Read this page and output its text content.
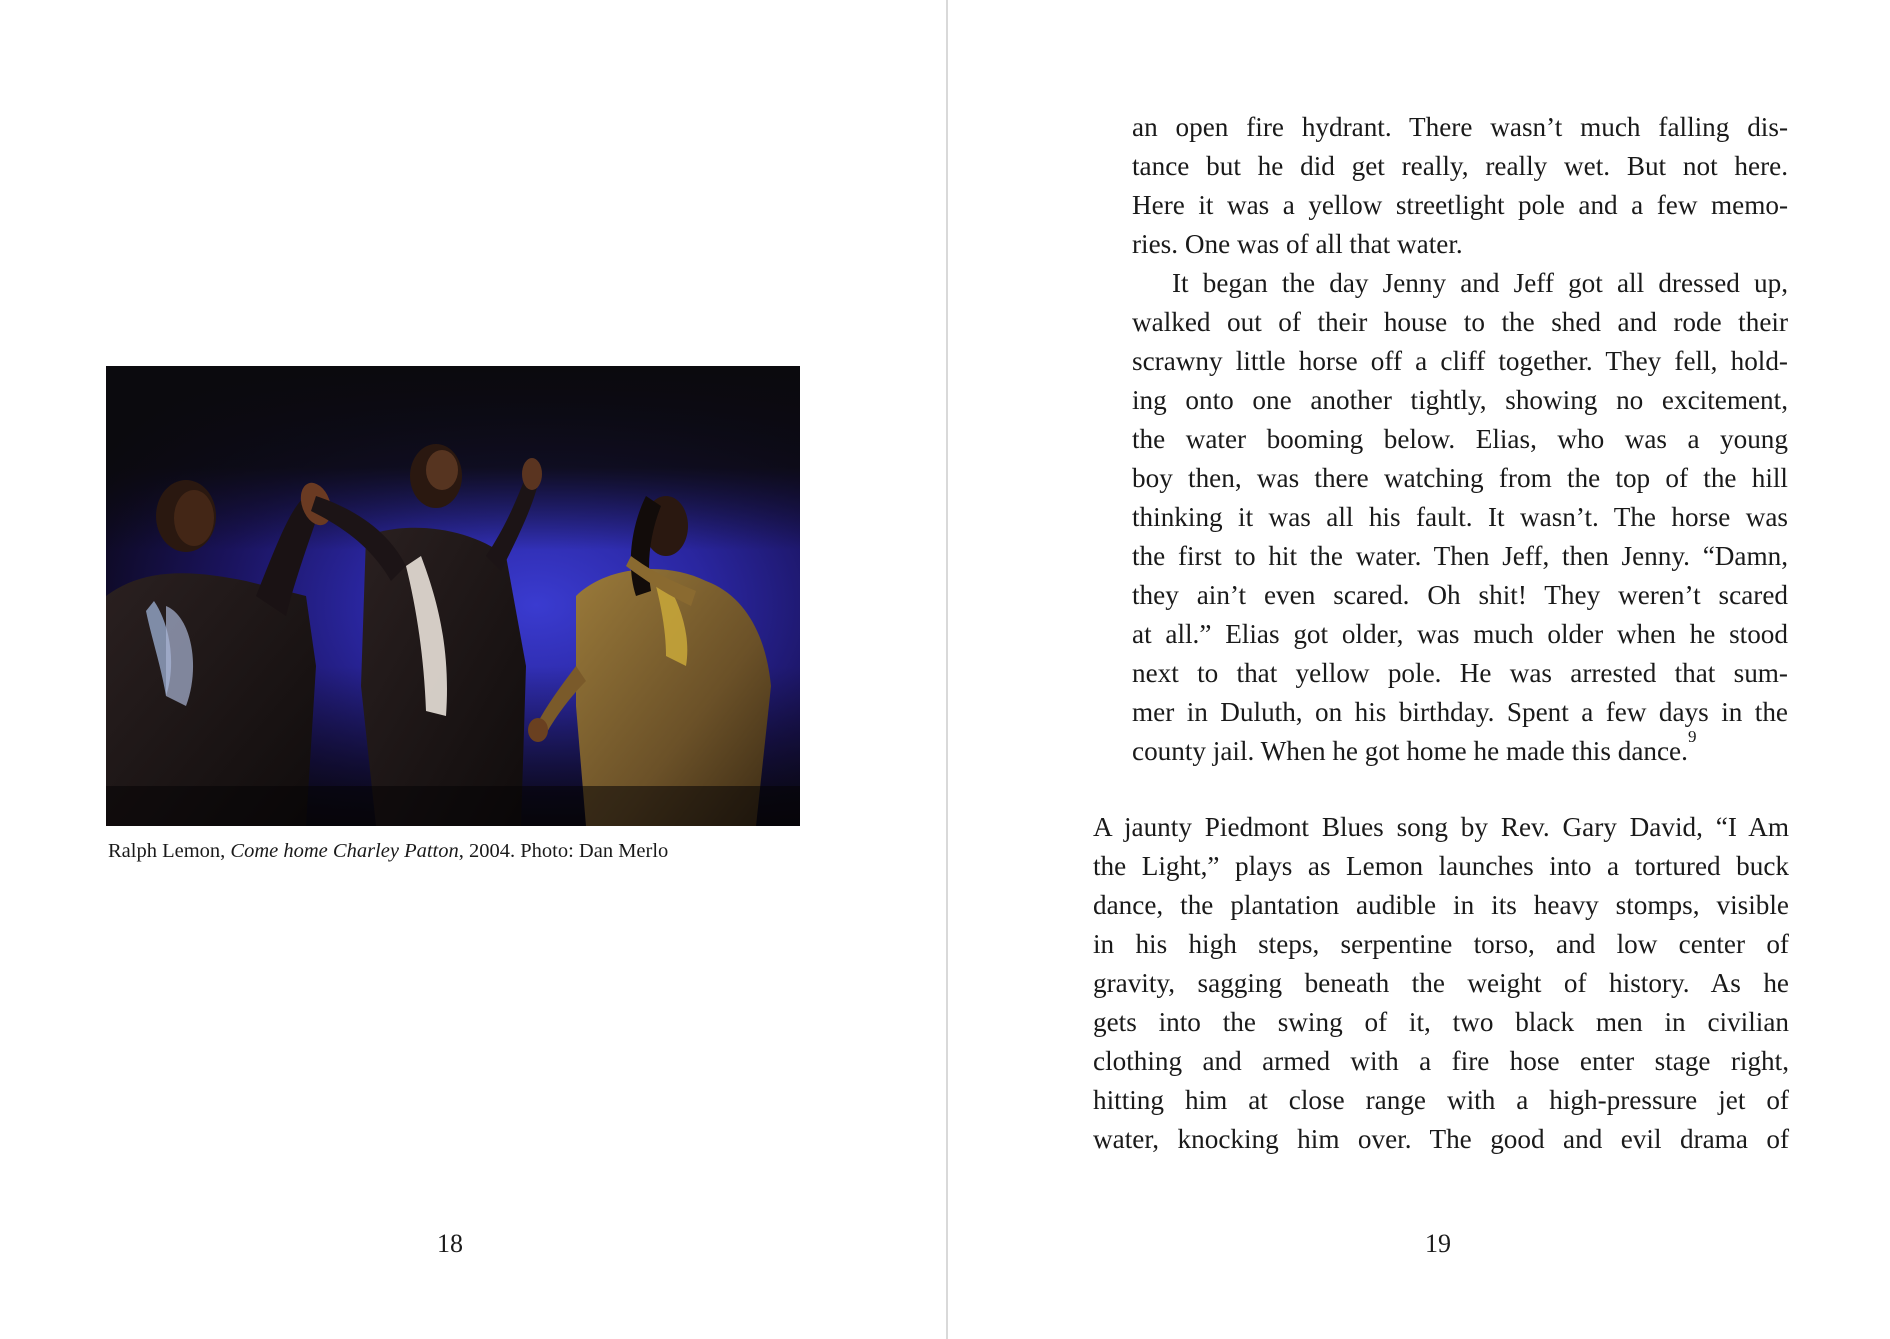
Ralph Lemon, Come home Charley Patton, 2004. Photo: Dan Merlo
18
an open fire hydrant. There wasn’t much falling dis-
tance but he did get really, really wet. But not here.
Here it was a yellow streetlight pole and a few memo-
ries. One was of all that water.
It began the day Jenny and Jeff got all dressed up,
walked out of their house to the shed and rode their
scrawny little horse off a cliff together. They fell, hold-
ing onto one another tightly, showing no excitement,
the water booming below. Elias, who was a young
boy then, was there watching from the top of the hill
thinking it was all his fault. It wasn’t. The horse was
the first to hit the water. Then Jeff, then Jenny. “Damn,
they ain’t even scared. Oh shit! They weren’t scared
at all.” Elias got older, was much older when he stood
next to that yellow pole. He was arrested that sum-
mer in Duluth, on his birthday. Spent a few days in the
county jail. When he got home he made this dance.$^9$
A jaunty Piedmont Blues song by Rev. Gary David, “I Am
the Light,” plays as Lemon launches into a tortured buck
dance, the plantation audible in its heavy stomps, visible
in his high steps, serpentine torso, and low center of
gravity, sagging beneath the weight of history. As he
gets into the swing of it, two black men in civilian
clothing and armed with a fire hose enter stage right,
hitting him at close range with a high-pressure jet of
water, knocking him over. The good and evil drama of
19
